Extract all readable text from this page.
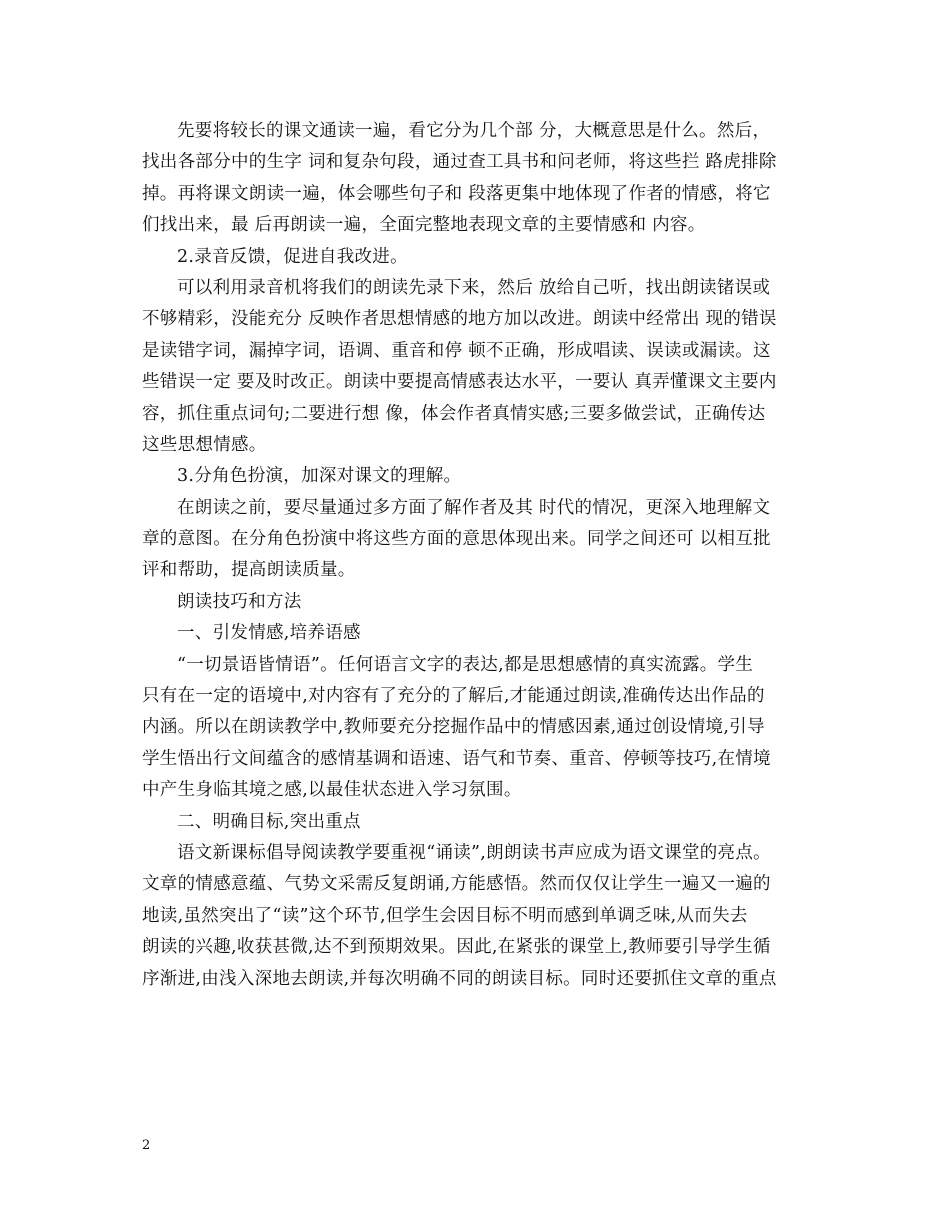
先要将较长的课文通读一遍，看它分为几个部 分，大概意思是什么。然后，
找出各部分中的生字 词和复杂句段，通过查工具书和问老师，将这些拦 路虎排除
掉。再将课文朗读一遍，体会哪些句子和 段落更集中地体现了作者的情感，将它
们找出来，最 后再朗读一遍，全面完整地表现文章的主要情感和 内容。
2.录音反馈，促进自我改进。
可以利用录音机将我们的朗读先录下来，然后 放给自己听，找出朗读锗误或
不够精彩，没能充分 反映作者思想情感的地方加以改进。朗读中经常出 现的错误
是读错字词，漏掉字词，语调、重音和停 顿不正确，形成唱读、误读或漏读。这
些错误一定 要及时改正。朗读中要提高情感表达水平，一要认 真弄懂课文主要内
容，抓住重点词句;二要进行想 像，体会作者真情实感;三要多做尝试，正确传达
这些思想情感。
3.分角色扮演，加深对课文的理解。
在朗读之前，要尽量通过多方面了解作者及其 时代的情况，更深入地理解文
章的意图。在分角色扮演中将这些方面的意思体现出来。同学之间还可 以相互批
评和帮助，提高朗读质量。
朗读技巧和方法
一、引发情感,培养语感
“一切景语皆情语”。任何语言文字的表达,都是思想感情的真实流露。学生
只有在一定的语境中,对内容有了充分的了解后,才能通过朗读,准确传达出作品的
内涵。所以在朗读教学中,教师要充分挖掘作品中的情感因素,通过创设情境,引导
学生悟出行文间蕴含的感情基调和语速、语气和节奏、重音、停顿等技巧,在情境
中产生身临其境之感,以最佳状态进入学习氛围。
二、明确目标,突出重点
语文新课标倡导阅读教学要重视“诵读”,朗朗读书声应成为语文课堂的亮点。
文章的情感意蕴、气势文采需反复朗诵,方能感悟。然而仅仅让学生一遍又一遍的
地读,虽然突出了“读”这个环节,但学生会因目标不明而感到单调乏味,从而失去
朗读的兴趣,收获甚微,达不到预期效果。因此,在紧张的课堂上,教师要引导学生循
序渐进,由浅入深地去朗读,并每次明确不同的朗读目标。同时还要抓住文章的重点
2
